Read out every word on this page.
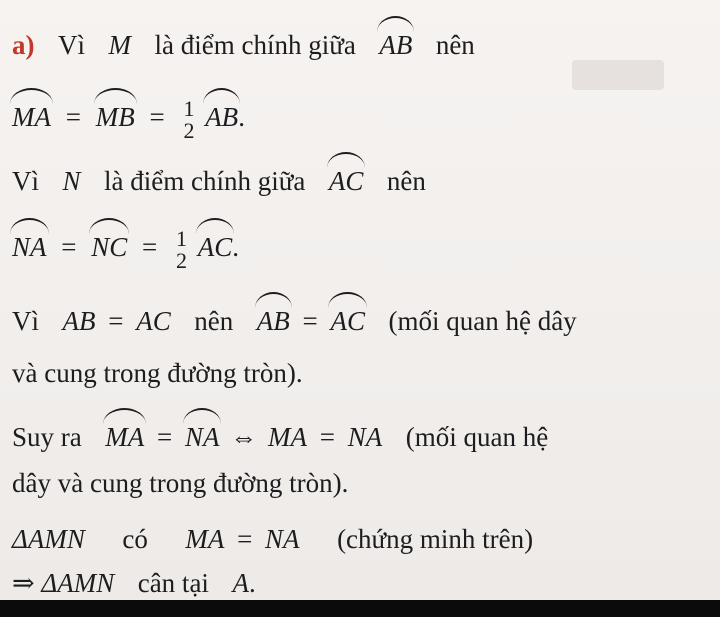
a) Vì M là điểm chính giữa AB nên
MA = MB = 1
2 AB.
Vì N là điểm chính giữa AC nên
NA = NC = 1
2 AC.
Vì AB = AC nên AB = AC (mối quan hệ dây
và cung trong đường tròn).
Suy ra MA = NA ⇔ MA = NA (mối quan hệ
dây và cung trong đường tròn).
ΔAMN có MA = NA (chứng minh trên)
⇒ ΔAMN cân tại A.
